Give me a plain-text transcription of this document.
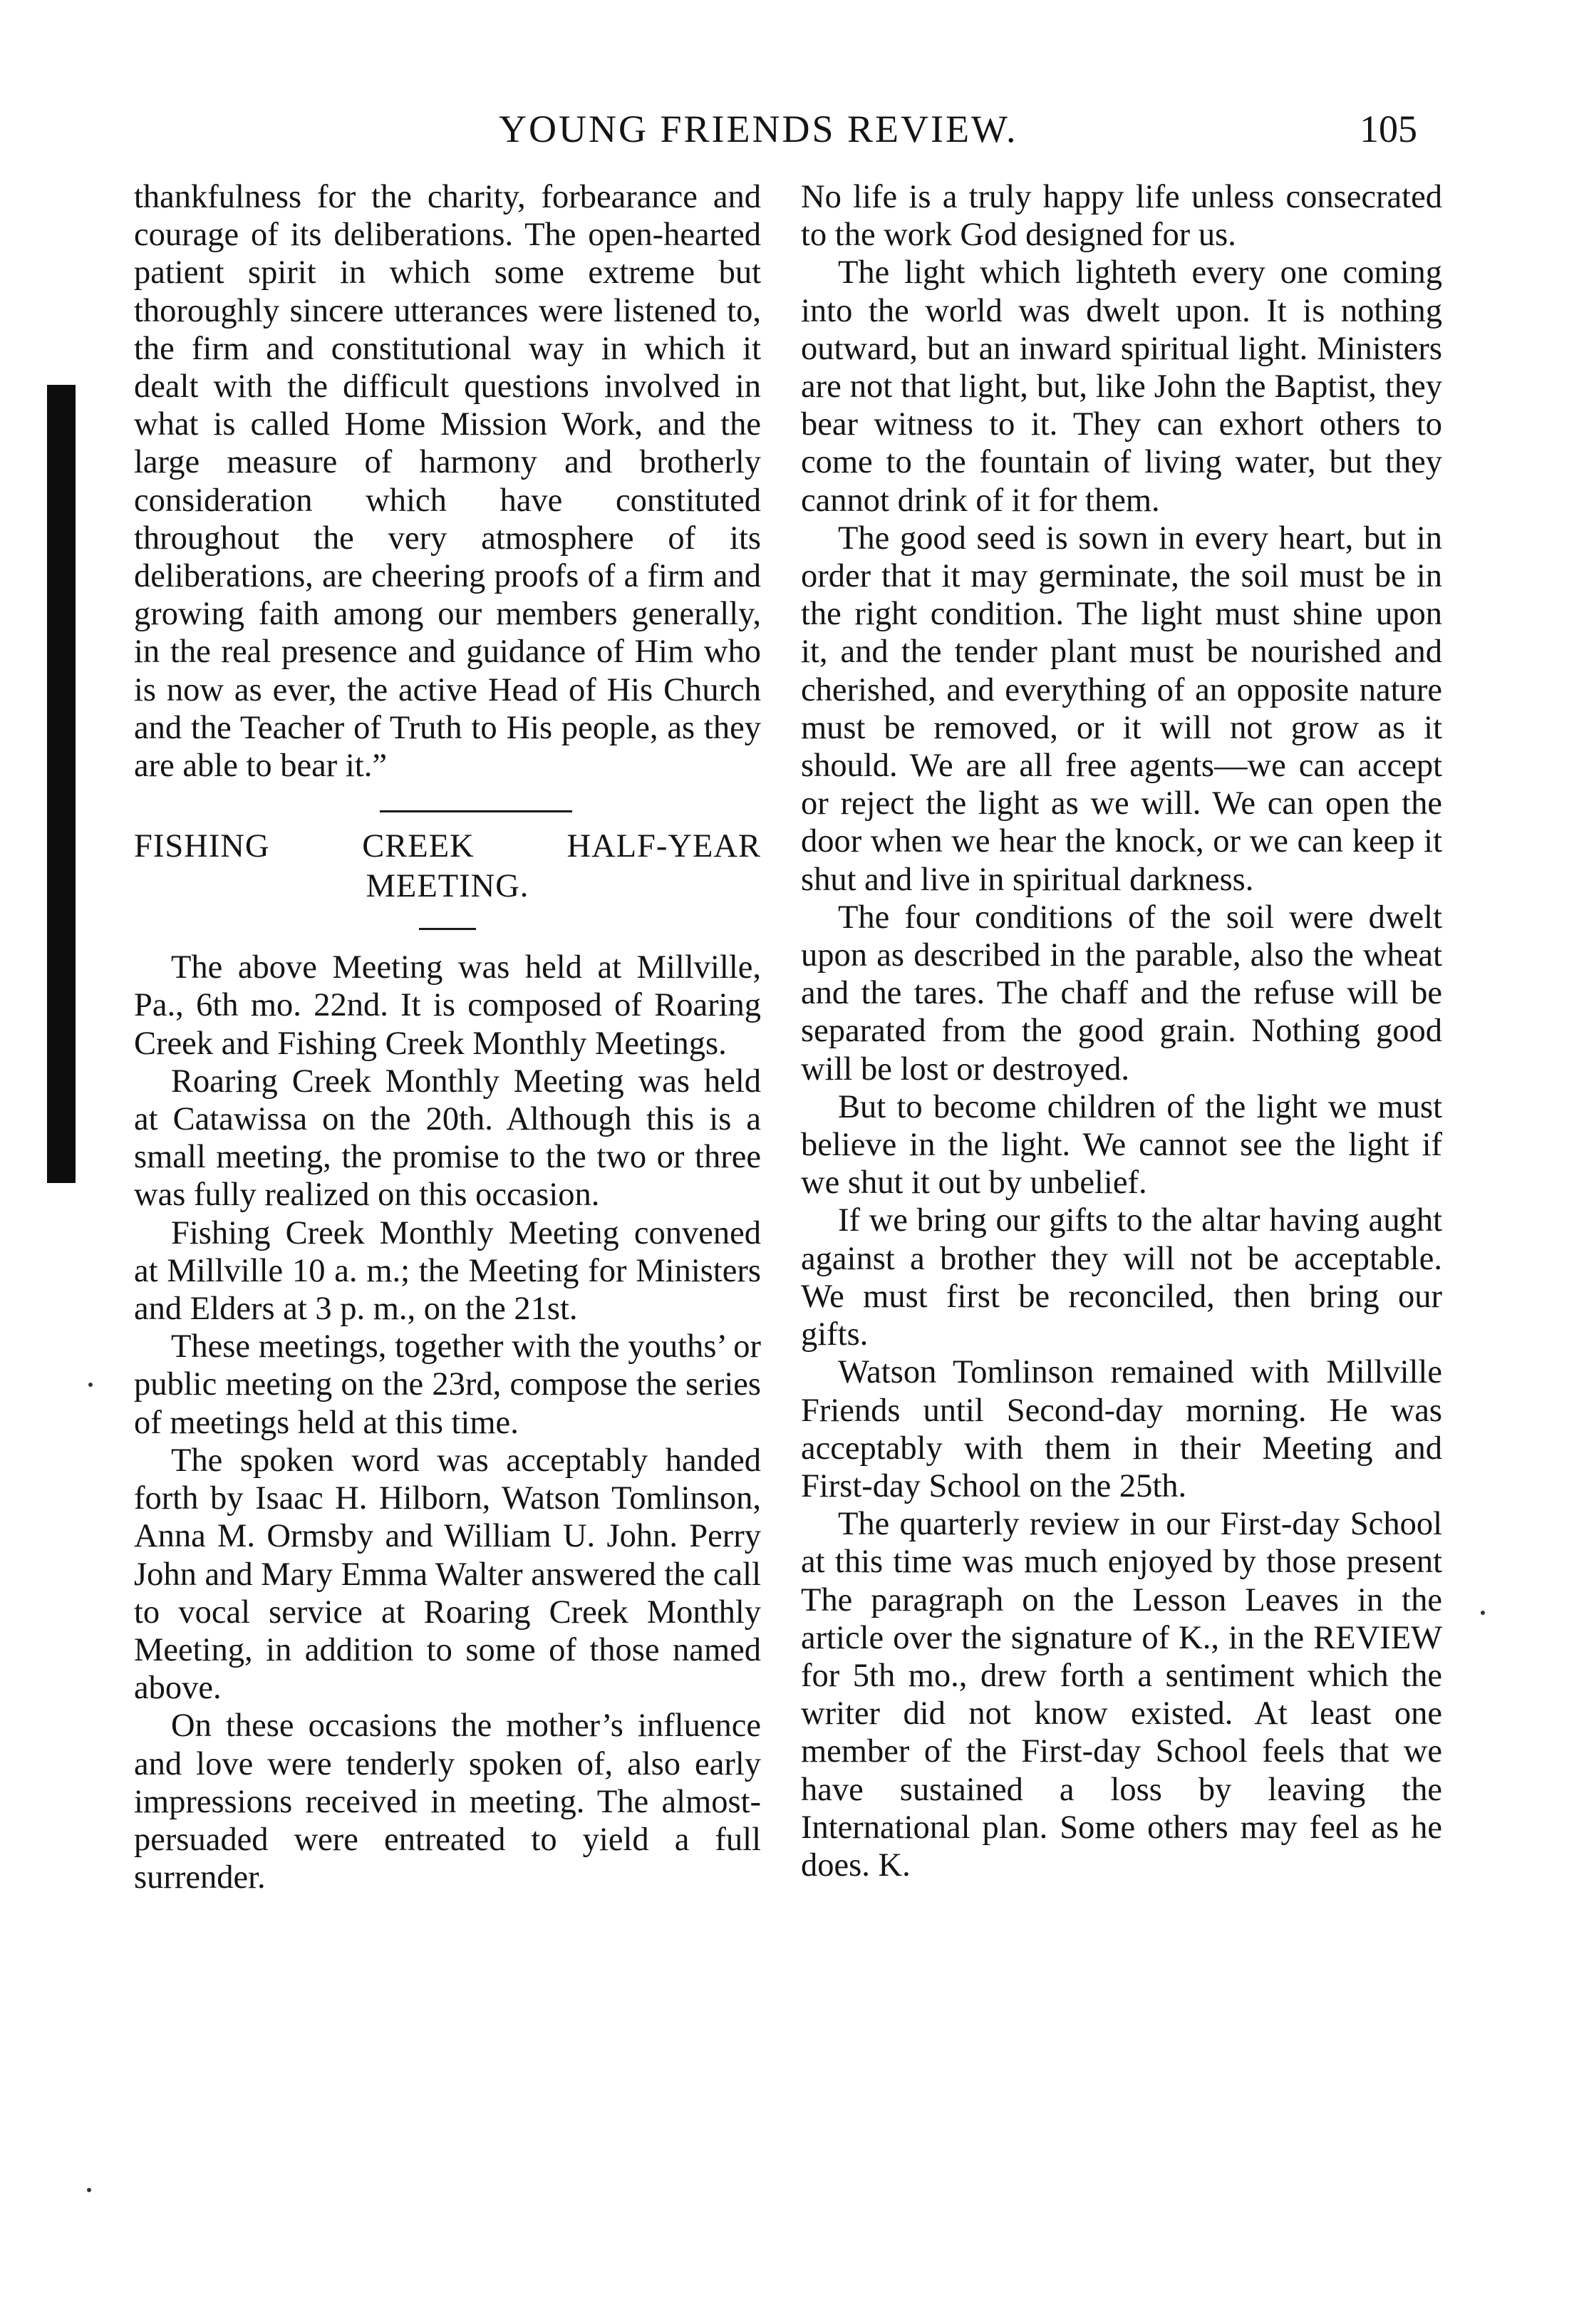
YOUNG FRIENDS REVIEW.	105

thankfulness for the charity, forbearance and courage of its deliberations. The open-hearted patient spirit in which some extreme but thoroughly sincere utterances were listened to, the firm and constitutional way in which it dealt with the difficult questions involved in what is called Home Mission Work, and the large measure of harmony and brotherly consideration which have constituted throughout the very atmosphere of its deliberations, are cheering proofs of a firm and growing faith among our members generally, in the real presence and guidance of Him who is now as ever, the active Head of His Church and the Teacher of Truth to His people, as they are able to bear it.”

FISHING CREEK HALF-YEAR

MEETING.

The above Meeting was held at Millville, Pa., 6th mo. 22nd. It is composed of Roaring Creek and Fishing Creek Monthly Meetings.

Roaring Creek Monthly Meeting was held at Catawissa on the 20th. Although this is a small meeting, the promise to the two or three was fully realized on this occasion.

Fishing Creek Monthly Meeting convened at Millville 10 a. m.; the Meeting for Ministers and Elders at 3 p. m., on the 21st.

These meetings, together with the youths’ or public meeting on the 23rd, compose the series of meetings held at this time.

The spoken word was acceptably handed forth by Isaac H. Hilborn, Watson Tomlinson, Anna M. Ormsby and William U. John. Perry John and Mary Emma Walter answered the call to vocal service at Roaring Creek Monthly Meeting, in addition to some of those named above.

On these occasions the mother’s influence and love were tenderly spoken of, also early impressions received in meeting. The almost-persuaded were entreated to yield a full surrender.

No life is a truly happy life unless consecrated to the work God designed for us.

The light which lighteth every one coming into the world was dwelt upon. It is nothing outward, but an inward spiritual light. Ministers are not that light, but, like John the Baptist, they bear witness to it. They can exhort others to come to the fountain of living water, but they cannot drink of it for them.

The good seed is sown in every heart, but in order that it may germinate, the soil must be in the right condition. The light must shine upon it, and the tender plant must be nourished and cherished, and everything of an opposite nature must be removed, or it will not grow as it should. We are all free agents—we can accept or reject the light as we will. We can open the door when we hear the knock, or we can keep it shut and live in spiritual darkness.

The four conditions of the soil were dwelt upon as described in the parable, also the wheat and the tares. The chaff and the refuse will be separated from the good grain. Nothing good will be lost or destroyed.

But to become children of the light we must believe in the light. We cannot see the light if we shut it out by unbelief.

If we bring our gifts to the altar having aught against a brother they will not be acceptable. We must first be reconciled, then bring our gifts.

Watson Tomlinson remained with Millville Friends until Second-day morning. He was acceptably with them in their Meeting and First-day School on the 25th.

The quarterly review in our First-day School at this time was much enjoyed by those present The paragraph on the Lesson Leaves in the article over the signature of K., in the REVIEW for 5th mo., drew forth a sentiment which the writer did not know existed. At least one member of the First-day School feels that we have sustained a loss by leaving the International plan. Some others may feel as he does. K.
